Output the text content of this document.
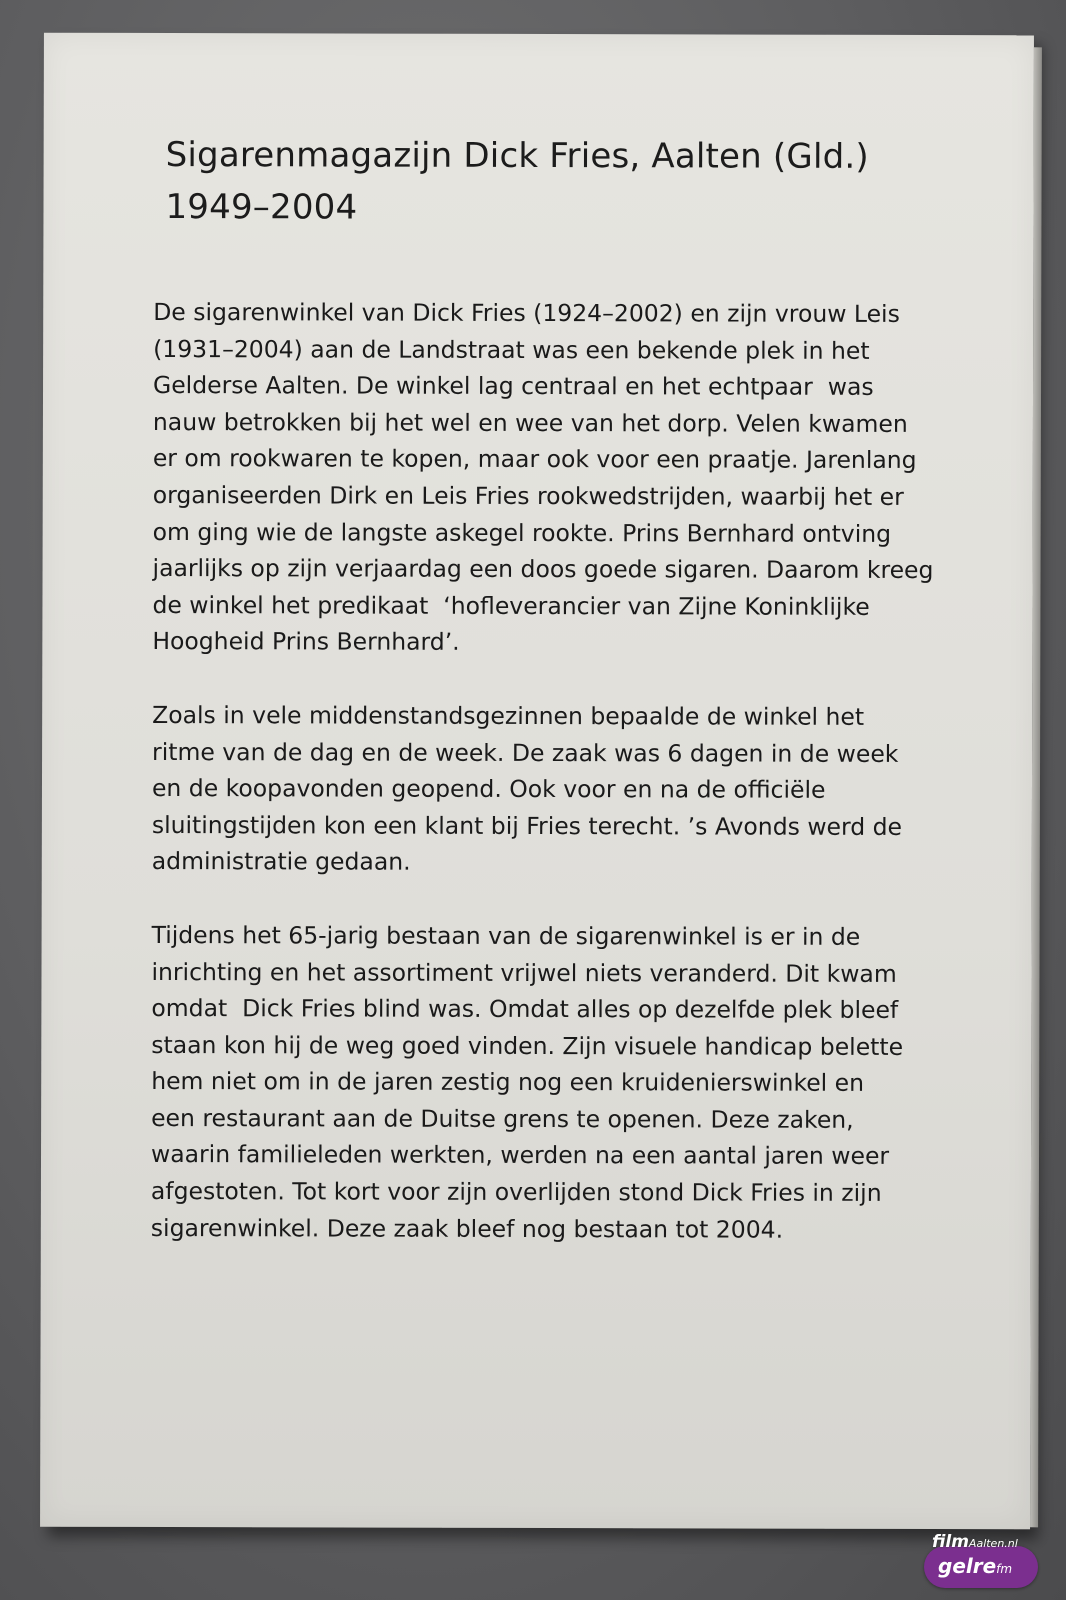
Sigarenmagazijn Dick Fries, Aalten (Gld.)
1949–2004

De sigarenwinkel van Dick Fries (1924–2002) en zijn vrouw Leis
(1931–2004) aan de Landstraat was een bekende plek in het
Gelderse Aalten. De winkel lag centraal en het echtpaar  was
nauw betrokken bij het wel en wee van het dorp. Velen kwamen
er om rookwaren te kopen, maar ook voor een praatje. Jarenlang
organiseerden Dirk en Leis Fries rookwedstrijden, waarbij het er
om ging wie de langste askegel rookte. Prins Bernhard ontving
jaarlijks op zijn verjaardag een doos goede sigaren. Daarom kreeg
de winkel het predikaat  ‘hofleverancier van Zijne Koninklijke
Hoogheid Prins Bernhard’.

Zoals in vele middenstandsgezinnen bepaalde de winkel het
ritme van de dag en de week. De zaak was 6 dagen in de week
en de koopavonden geopend. Ook voor en na de officiële
sluitingstijden kon een klant bij Fries terecht. ’s Avonds werd de
administratie gedaan.

Tijdens het 65-jarig bestaan van de sigarenwinkel is er in de
inrichting en het assortiment vrijwel niets veranderd. Dit kwam
omdat  Dick Fries blind was. Omdat alles op dezelfde plek bleef
staan kon hij de weg goed vinden. Zijn visuele handicap belette
hem niet om in de jaren zestig nog een kruidenierswinkel en
een restaurant aan de Duitse grens te openen. Deze zaken,
waarin familieleden werkten, werden na een aantal jaren weer
afgestoten. Tot kort voor zijn overlijden stond Dick Fries in zijn
sigarenwinkel. Deze zaak bleef nog bestaan tot 2004.

filmAalten.nl
gelrefm
